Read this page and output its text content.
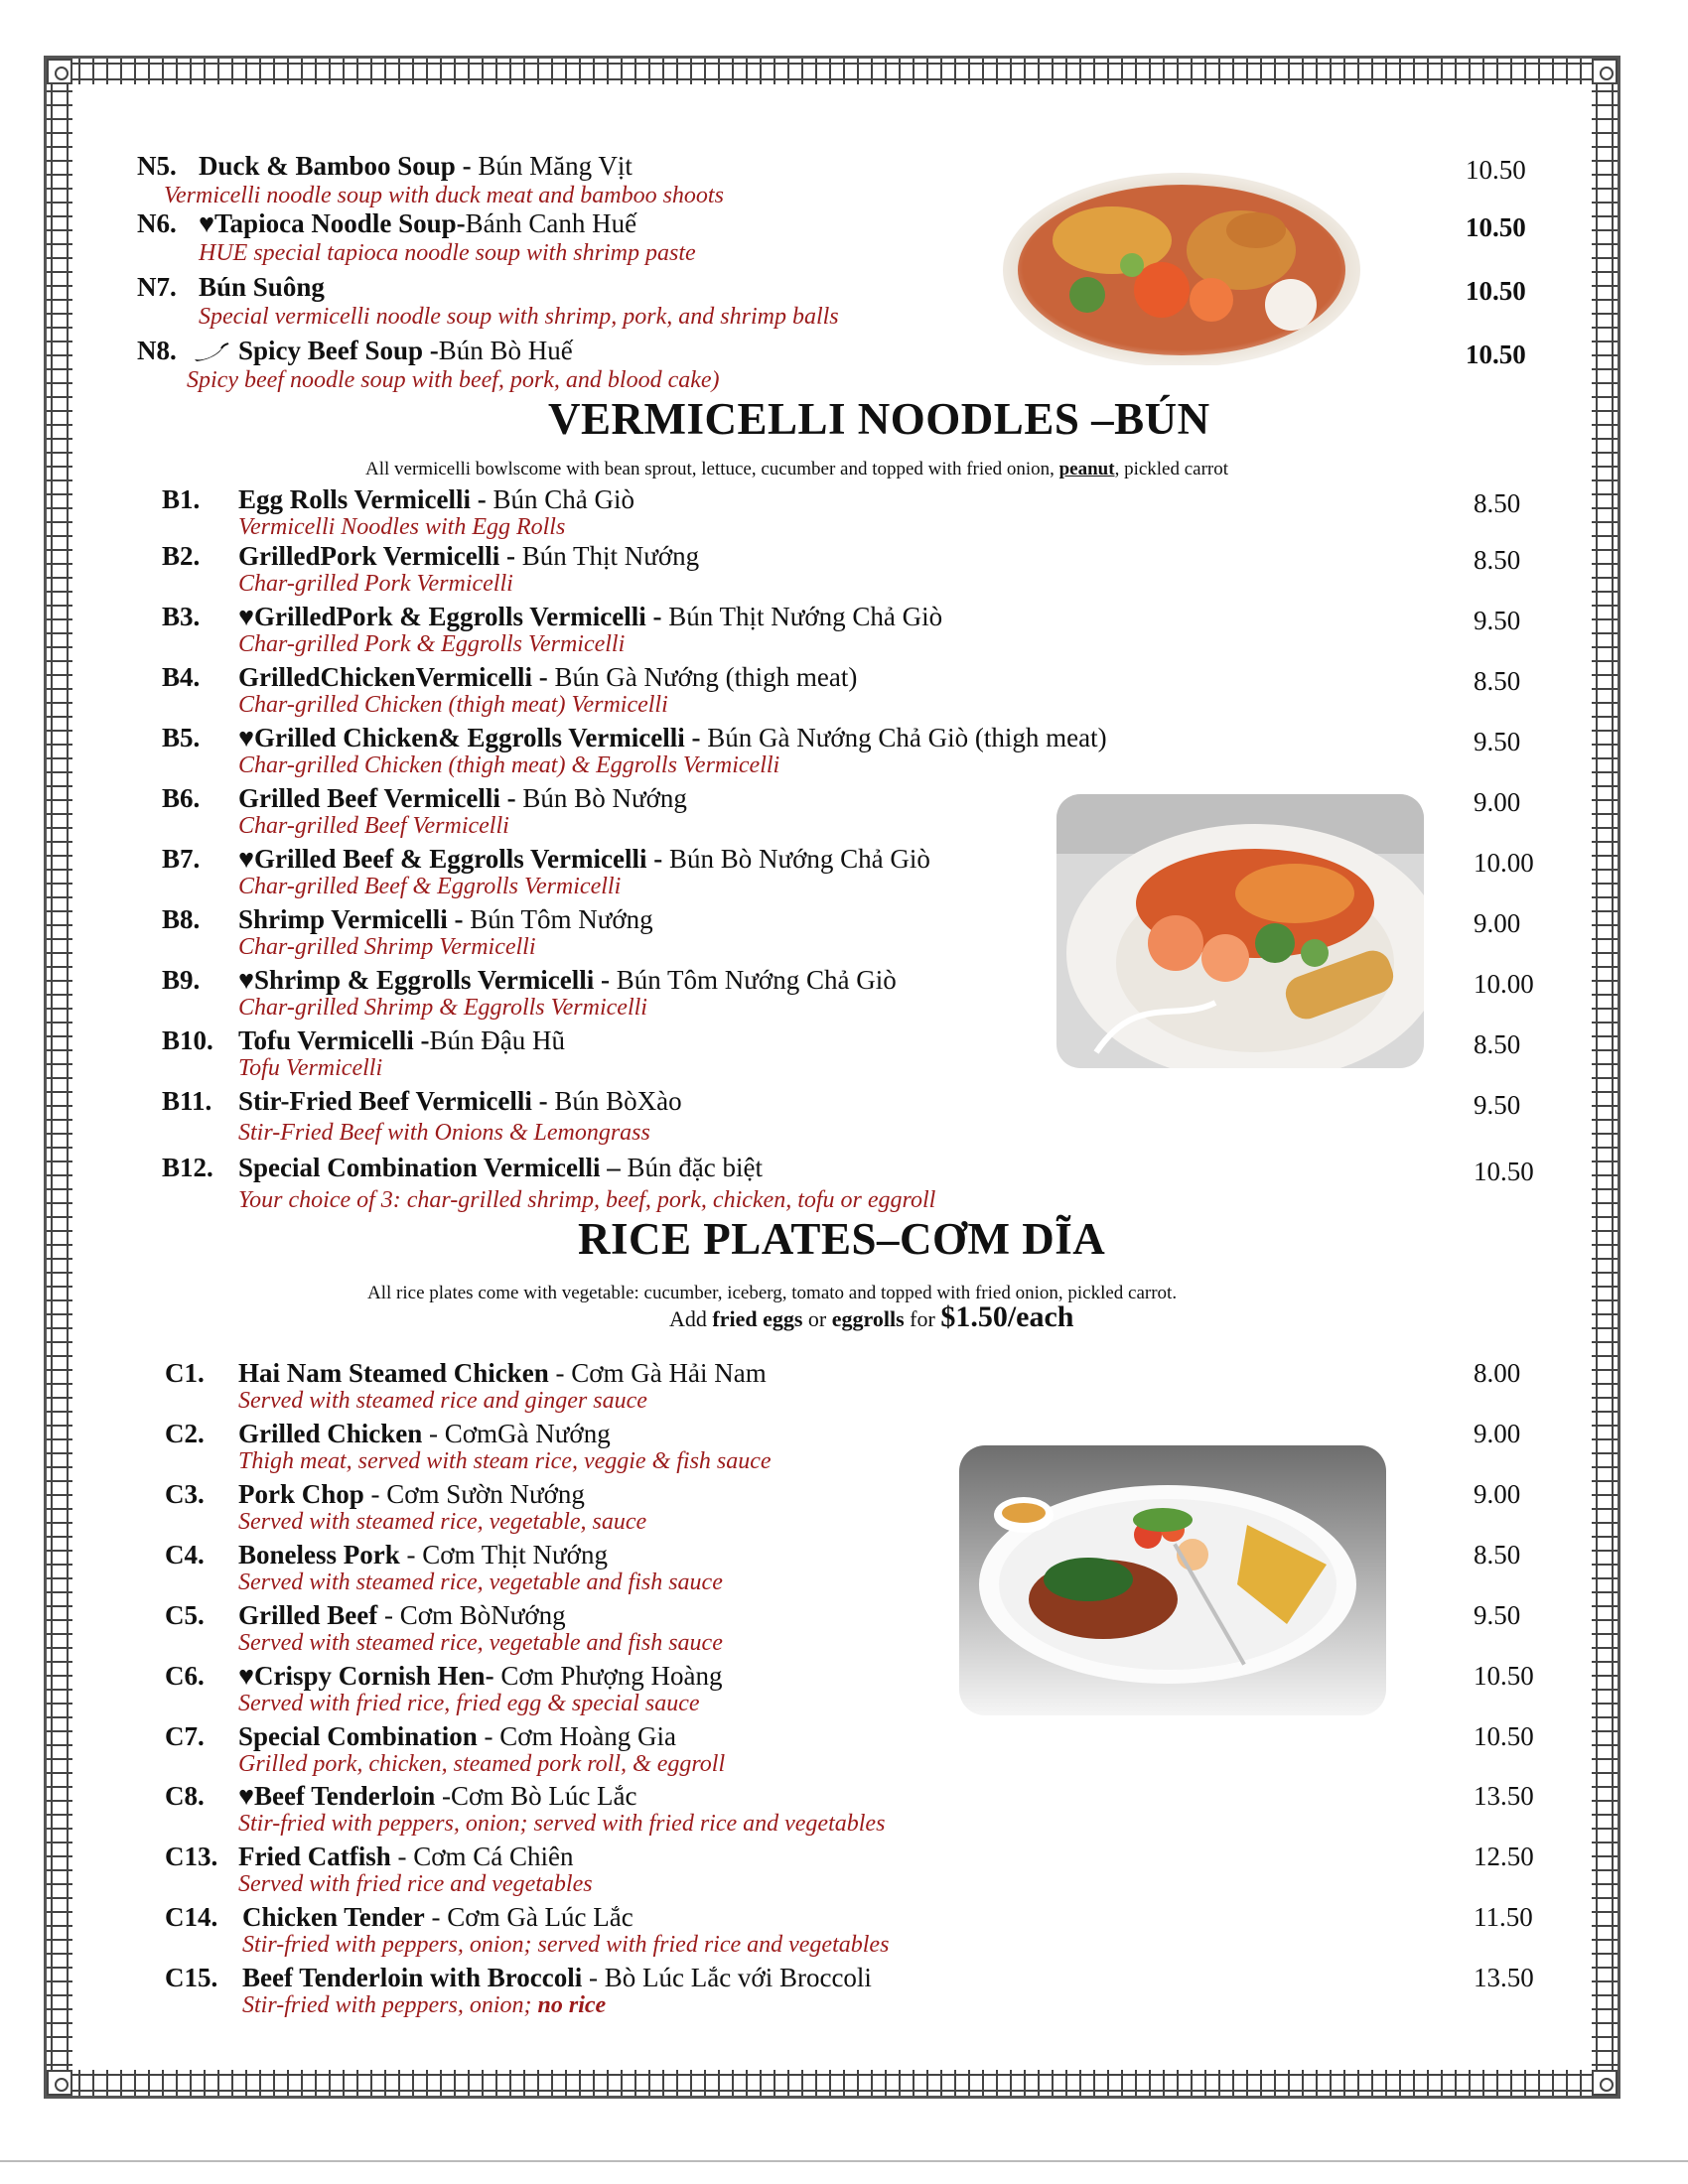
N5. Duck & Bamboo Soup - Bún Măng Vịt
Vermicelli noodle soup with duck meat and bamboo shoots
10.50
N6. ♥Tapioca Noodle Soup-Bánh Canh Huế
HUE special tapioca noodle soup with shrimp paste
10.50
N7. Bún Suông
Special vermicelli noodle soup with shrimp, pork, and shrimp balls
10.50
N8. Spicy Beef Soup -Bún Bò Huế
Spicy beef noodle soup with beef, pork, and blood cake)
10.50
VERMICELLI NOODLES –BÚN
All vermicelli bowlscome with bean sprout, lettuce, cucumber and topped with fried onion, peanut, pickled carrot
B1. Egg Rolls Vermicelli - Bún Chả Giò
Vermicelli Noodles with Egg Rolls
8.50
B2. GrilledPork Vermicelli - Bún Thịt Nướng
Char-grilled Pork Vermicelli
8.50
B3. ♥GrilledPork & Eggrolls Vermicelli - Bún Thịt Nướng Chả Giò
Char-grilled Pork & Eggrolls Vermicelli
9.50
B4. GrilledChickenVermicelli - Bún Gà Nướng (thigh meat)
Char-grilled Chicken (thigh meat) Vermicelli
8.50
B5. ♥Grilled Chicken& Eggrolls Vermicelli - Bún Gà Nướng Chả Giò (thigh meat)
Char-grilled Chicken (thigh meat) & Eggrolls Vermicelli
9.50
B6. Grilled Beef Vermicelli - Bún Bò Nướng
Char-grilled Beef Vermicelli
9.00
B7. ♥Grilled Beef & Eggrolls Vermicelli - Bún Bò Nướng Chả Giò
Char-grilled Beef & Eggrolls Vermicelli
10.00
B8. Shrimp Vermicelli - Bún Tôm Nướng
Char-grilled Shrimp Vermicelli
9.00
B9. ♥Shrimp & Eggrolls Vermicelli - Bún Tôm Nướng Chả Giò
Char-grilled Shrimp & Eggrolls Vermicelli
10.00
B10. Tofu Vermicelli -Bún Đậu Hũ
Tofu Vermicelli
8.50
B11. Stir-Fried Beef Vermicelli - Bún BòXào
Stir-Fried Beef with Onions & Lemongrass
9.50
B12. Special Combination Vermicelli – Bún đặc biệt
Your choice of 3: char-grilled shrimp, beef, pork, chicken, tofu or eggroll
10.50
RICE PLATES–CƠM DĨA
All rice plates come with vegetable: cucumber, iceberg, tomato and topped with fried onion, pickled carrot.
Add fried eggs or eggrolls for $1.50/each
C1. Hai Nam Steamed Chicken - Cơm Gà Hải Nam
Served with steamed rice and ginger sauce
8.00
C2. Grilled Chicken - CơmGà Nướng
Thigh meat, served with steam rice, veggie & fish sauce
9.00
C3. Pork Chop - Cơm Sườn Nướng
Served with steamed rice, vegetable, sauce
9.00
C4. Boneless Pork - Cơm Thịt Nướng
Served with steamed rice, vegetable and fish sauce
8.50
C5. Grilled Beef - Cơm BòNướng
Served with steamed rice, vegetable and fish sauce
9.50
C6. ♥Crispy Cornish Hen- Cơm Phượng Hoàng
Served with fried rice, fried egg & special sauce
10.50
C7. Special Combination - Cơm Hoàng Gia
Grilled pork, chicken, steamed pork roll, & eggroll
10.50
C8. ♥Beef Tenderloin -Cơm Bò Lúc Lắc
Stir-fried with peppers, onion; served with fried rice and vegetables
13.50
C13. Fried Catfish - Cơm Cá Chiên
Served with fried rice and vegetables
12.50
C14. Chicken Tender - Cơm Gà Lúc Lắc
Stir-fried with peppers, onion; served with fried rice and vegetables
11.50
C15. Beef Tenderloin with Broccoli - Bò Lúc Lắc với Broccoli
Stir-fried with peppers, onion; no rice
13.50
